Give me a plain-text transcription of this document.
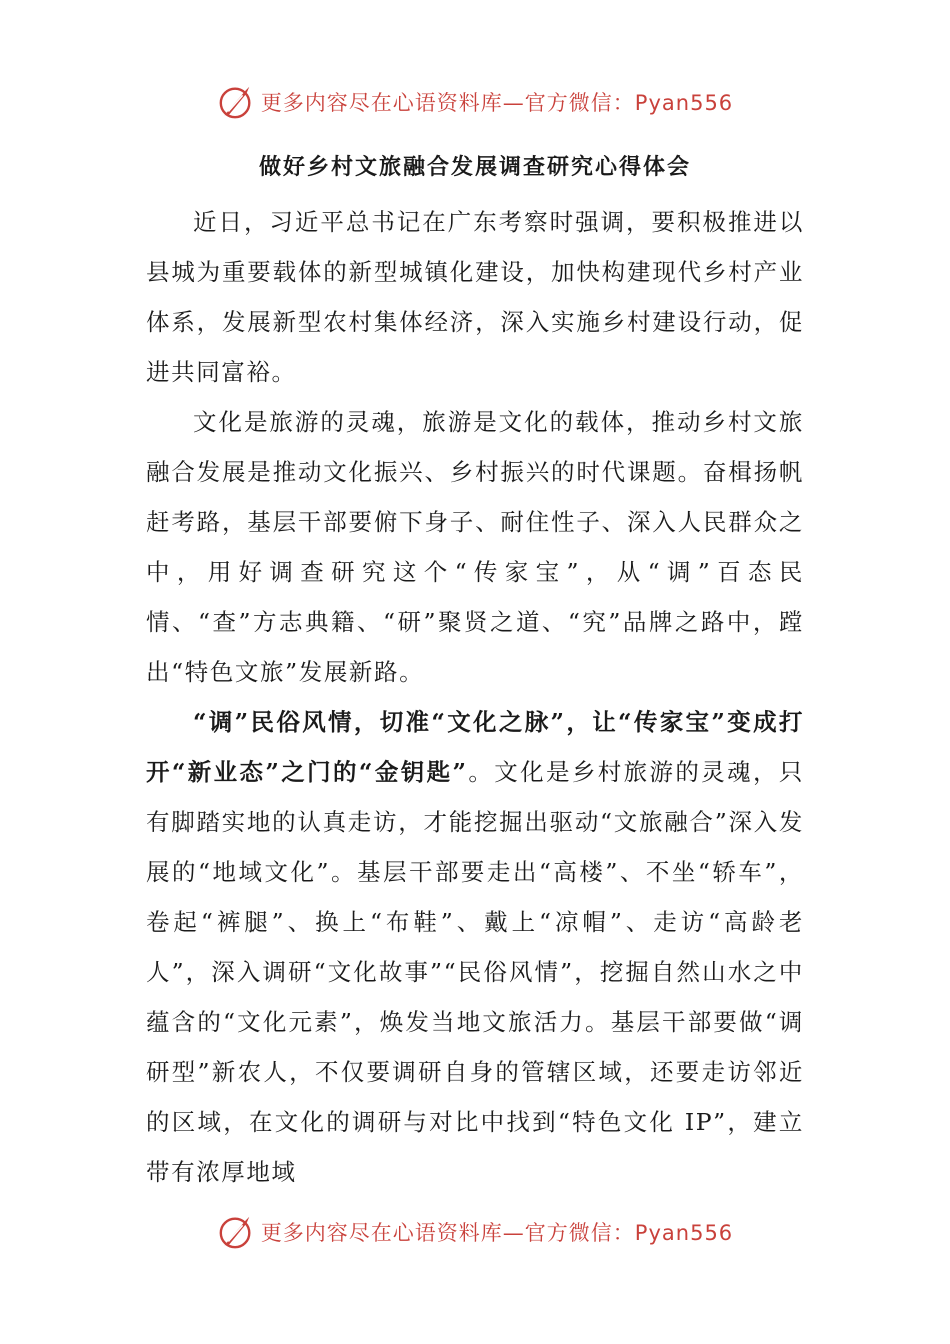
更多内容尽在心语资料库—官方微信：Pyan556
做好乡村文旅融合发展调查研究心得体会

近日，习近平总书记在广东考察时强调，要积极推进以县城为重要载体的新型城镇化建设，加快构建现代乡村产业体系，发展新型农村集体经济，深入实施乡村建设行动，促进共同富裕。

文化是旅游的灵魂，旅游是文化的载体，推动乡村文旅融合发展是推动文化振兴、乡村振兴的时代课题。奋楫扬帆赶考路，基层干部要俯下身子、耐住性子、深入人民群众之中，用好调查研究这个“传家宝”，从“调”百态民情、“查”方志典籍、“研”聚贤之道、“究”品牌之路中，蹚出“特色文旅”发展新路。

“调”民俗风情，切准“文化之脉”，让“传家宝”变成打开“新业态”之门的“金钥匙”。文化是乡村旅游的灵魂，只有脚踏实地的认真走访，才能挖掘出驱动“文旅融合”深入发展的“地域文化”。基层干部要走出“高楼”、不坐“轿车”，卷起“裤腿”、换上“布鞋”、戴上“凉帽”、走访“高龄老人”，深入调研“文化故事”“民俗风情”，挖掘自然山水之中蕴含的“文化元素”，焕发当地文旅活力。基层干部要做“调研型”新农人，不仅要调研自身的管辖区域，还要走访邻近的区域，在文化的调研与对比中找到“特色文化 IP”，建立带有浓厚地域

更多内容尽在心语资料库—官方微信：Pyan556
